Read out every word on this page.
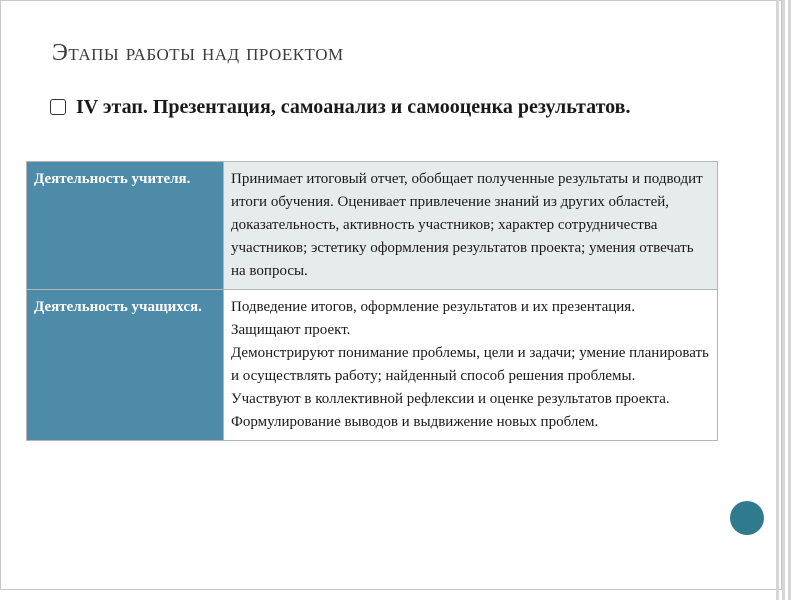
Этапы работы над проектом
IV этап. Презентация, самоанализ и самооценка результатов.
Деятельность учителя.	Принимает итоговый отчет, обобщает полученные результаты и подводит итоги обучения. Оценивает привлечение знаний из других областей, доказательность, активность участников; характер сотрудничества участников; эстетику оформления результатов проекта; умения отвечать на вопросы.

Деятельность учащихся.	Подведение итогов, оформление результатов и их презентация.
Защищают проект.
Демонстрируют понимание проблемы, цели и задачи; умение планировать и осуществлять работу; найденный способ решения проблемы.
Участвуют в коллективной рефлексии и оценке результатов проекта.
Формулирование выводов и выдвижение новых проблем.
